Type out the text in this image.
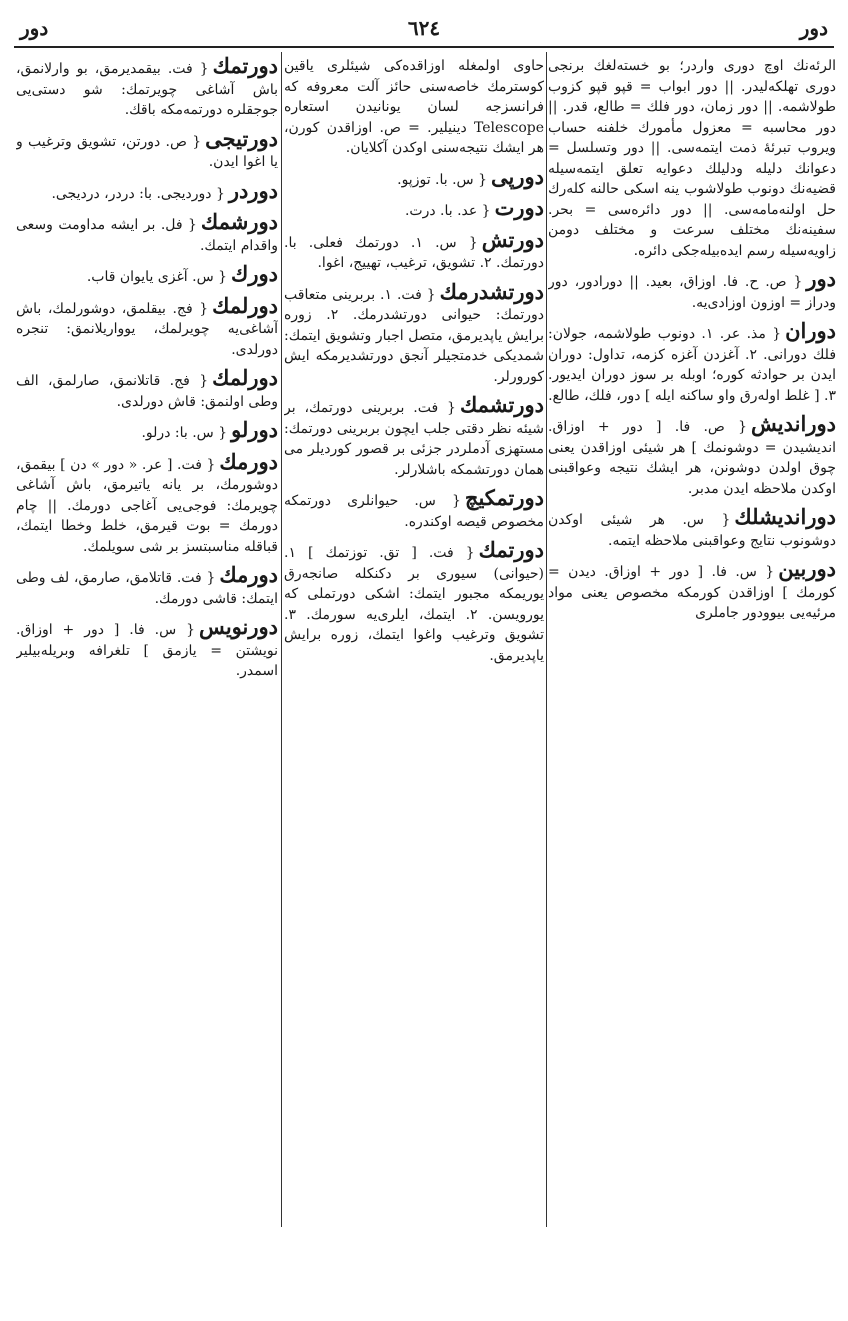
دور	٦٢٤	دور
الرئه‌نك اوچ دوری واردر؛ بو خسته‌لغك برنجی دوری تهلكه‌لیدر. || دور ابواب = قپو قپو كزوب طولاشمه. || دور زمان، دور فلك = طالع، قدر. || دور محاسبه = معزول مأمورك خلفنه حساب ویروب تبرئهٔ ذمت ایتمه‌سی. || دور وتسلسل = دعوانك دلیله ودلیلك دعوایه تعلق ایتمه‌سیله قضیه‌نك دونوب طولاشوب ینه اسكی حالنه كله‌رك حل اولنه‌مامه‌سی. || دور دائره‌سی = بحر. سفینه‌نك مختلف سرعت و مختلف دومن زاویه‌سیله رسم ایده‌بیله‌جكی دائره.
دور{ ص. ح. فا. اوزاق، بعید. || دورادور، دور ودراز = اوزون اوزادی‌یه.
دوران{ مذ. عر. ١. دونوب طولاشمه، جولان: فلك دورانی. ٢. آغزدن آغزه كزمه، تداول: دوران ایدن بر حوادثه كوره؛ اوبله بر سوز دوران ایدیور. ٣. [ غلط اوله‌رق واو ساكنه ایله ] دور، فلك، طالع.
دوراندیش{ ص. فا. [ دور + اوزاق. اندیشیدن = دوشونمك ] هر شیئی اوزاقدن یعنی چوق اولدن دوشونن، هر ایشك نتیجه وعواقبنی اوكدن ملاحظه ایدن مدبر.
دوراندیشلك{ س. هر شیئی اوكدن دوشونوب نتایج وعواقبنی ملاحظه ایتمه.
دوربین{ س. فا. [ دور + اوزاق. دیدن = كورمك ] اوزاقدن كورمكه مخصوص یعنی مواد مرئیه‌یی بیوودور جاملری
حاوی اولمغله اوزاقده‌كی شیئلری یاقین كوسترمك خاصه‌سنی حائز آلت معروفه كه فرانسزجه لسان یونانیدن استعاره Telescope دینیلیر. = ص. اوزاقدن كورن، هر ایشك نتیجه‌سنی اوكدن آكلایان.
دورپی{ س. با. توزپو.
دورت{ عد. با. درت.
دورتش{ س. ١. دورتمك فعلی. با. دورتمك. ٢. تشویق، ترغیب، تهییج، اغوا.
دورتشدرمك{ فت. ١. بربرینی متعاقب دورتمك: حیوانی دورتشدرمك. ٢. زوره برایش یاپدیرمق، متصل اجبار وتشویق ایتمك: شمدیكی خدمتجیلر آنجق دورتشدیرمكه ایش كورورلر.
دورتشمك{ فت. بربرینی دورتمك، بر شیئه نظر دقتی جلب ایچون بربرینی دورتمك: مستهزی آدملردر جزئی بر قصور كوردیلر می همان دورتشمكه باشلارلر.
دورتمكیچ{ س. حیوانلری دورتمكه مخصوص قیصه اوكندره.
دورتمك{ فت. [ تق. توزتمك ] ١. (حیوانی) سیوری بر دكنكله صانجه‌رق یوریمكه مجبور ایتمك: اشكی دورتملی كه یورویسن. ٢. ایتمك، ایلری‌یه سورمك. ٣. تشویق وترغیب واغوا ایتمك، زوره برایش یاپدیرمق.
دورتمك{ فت. بیقمدیرمق، بو وارلانمق، باش آشاغی چویرتمك: شو دستی‌یی جوجقلره دورتمه‌مكه باقك.
دورتیجی{ ص. دورتن، تشویق وترغیب و یا اغوا ایدن.
دوردر{ دوردیجی. با: دردر، دردیجی.
دورشمك{ فل. بر ایشه مداومت وسعی واقدام ایتمك.
دورك{ س. آغزی یایوان قاب.
دورلمك{ فج. بیقلمق، دوشورلمك، باش آشاغی‌یه چویرلمك، یوواریلانمق: تنجره دورلدی.
دورلمك{ فج. قاتلانمق، صارلمق، الف وطی اولنمق: قاش دورلدی.
دورلو{ س. با: درلو.
دورمك{ فت. [ عر. « دور » دن ] بیقمق، دوشورمك، بر یانه یاتیرمق، باش آشاغی چویرمك: فوجی‌یی آغاجی دورمك. || چام دورمك = بوت قیرمق، خلط وخطا ایتمك، قباقله مناسبتسز بر شی سویلمك.
دورمك{ فت. قاتلامق، صارمق، لف وطی ایتمك: قاشی دورمك.
دورنویس{ س. فا. [ دور + اوزاق. نویشتن = یازمق ] تلغرافه وبریله‌بیلیر اسمدر.
